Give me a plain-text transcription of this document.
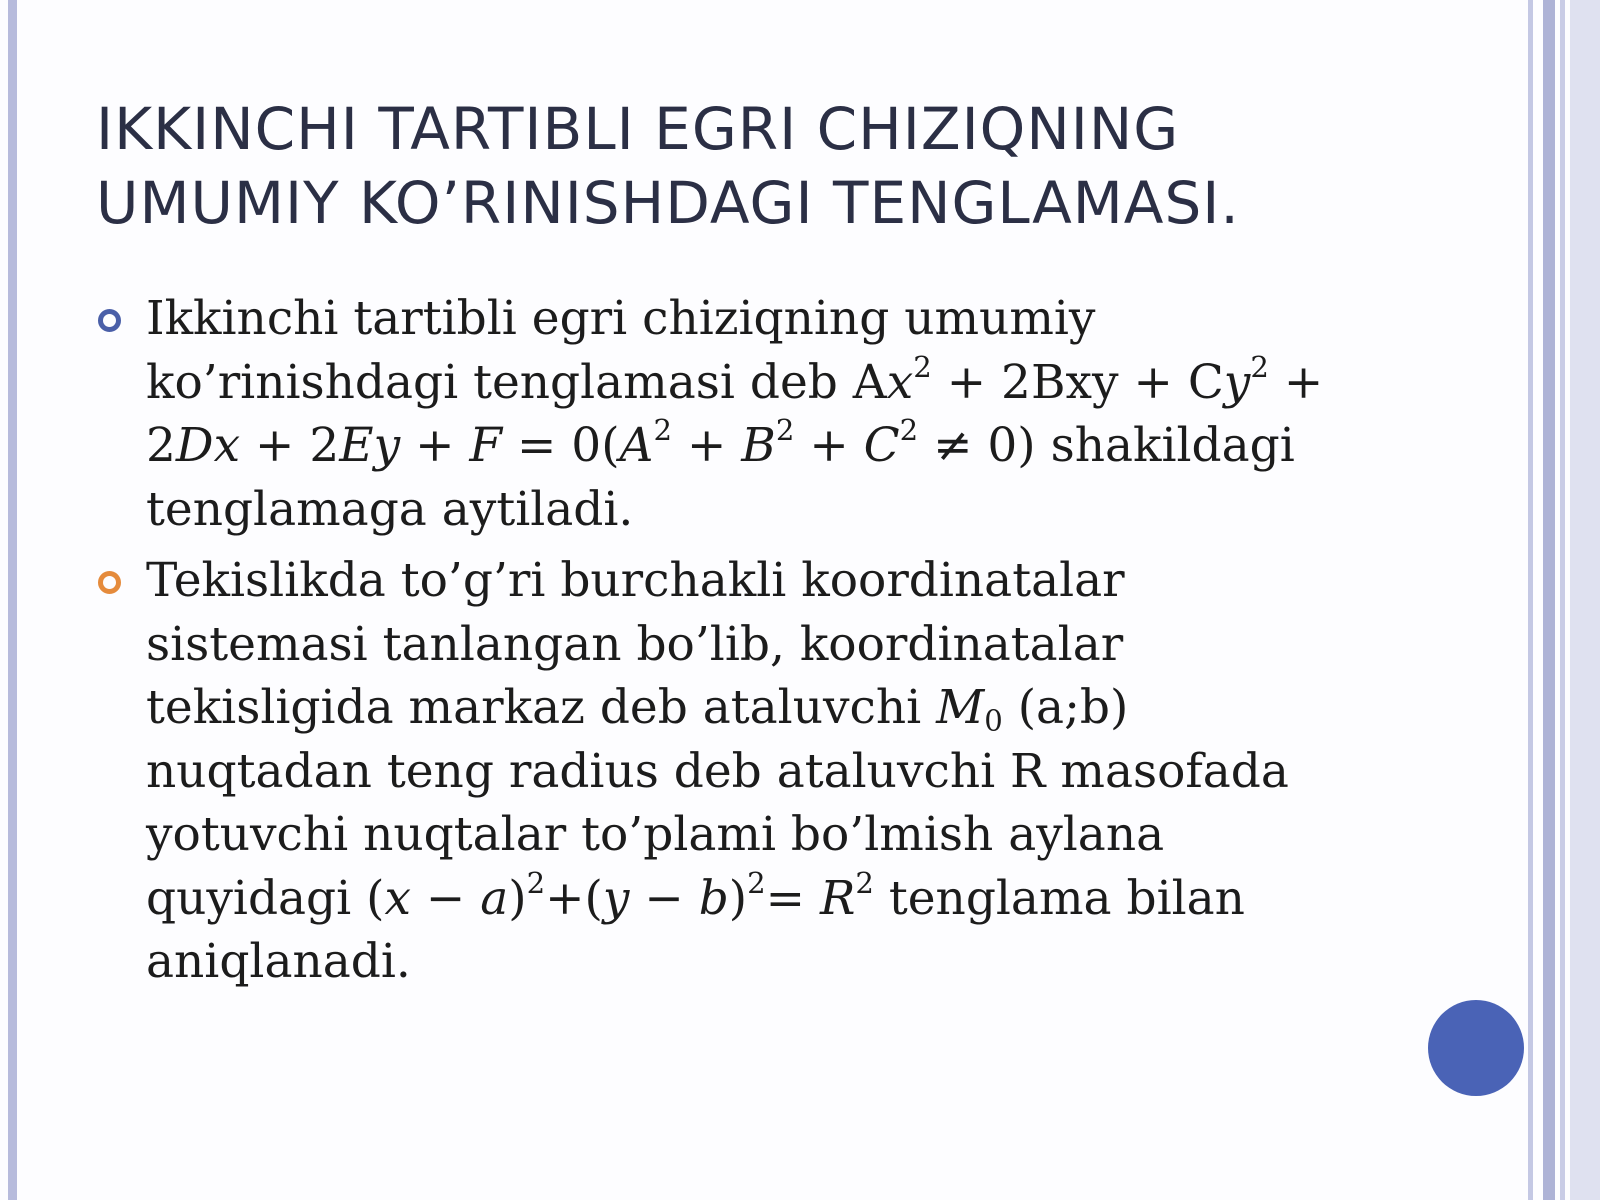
IKKINCHI TARTIBLI EGRI CHIZIQNING
UMUMIY KO’RINISHDAGI TENGLAMASI.
Ikkinchi tartibli egri chiziqning umumiy
ko’rinishdagi tenglamasi deb $Ax^2 + 2Bxy + Cy^2$ +
$2Dx + 2Ey + F = 0(A^2 + B^2 + C^2 \ne 0)$ shakildagi
tenglamaga aytiladi.
Tekislikda to’g’ri burchakli koordinatalar
sistemasi tanlangan bo’lib, koordinatalar
tekisligida markaz deb ataluvchi $M_0$ (a;b)
nuqtadan teng radius deb ataluvchi R masofada
yotuvchi nuqtalar to’plami bo’lmish aylana
quyidagi $(x - a)^2+(y - b)^2= R^2$ tenglama bilan
aniqlanadi.
